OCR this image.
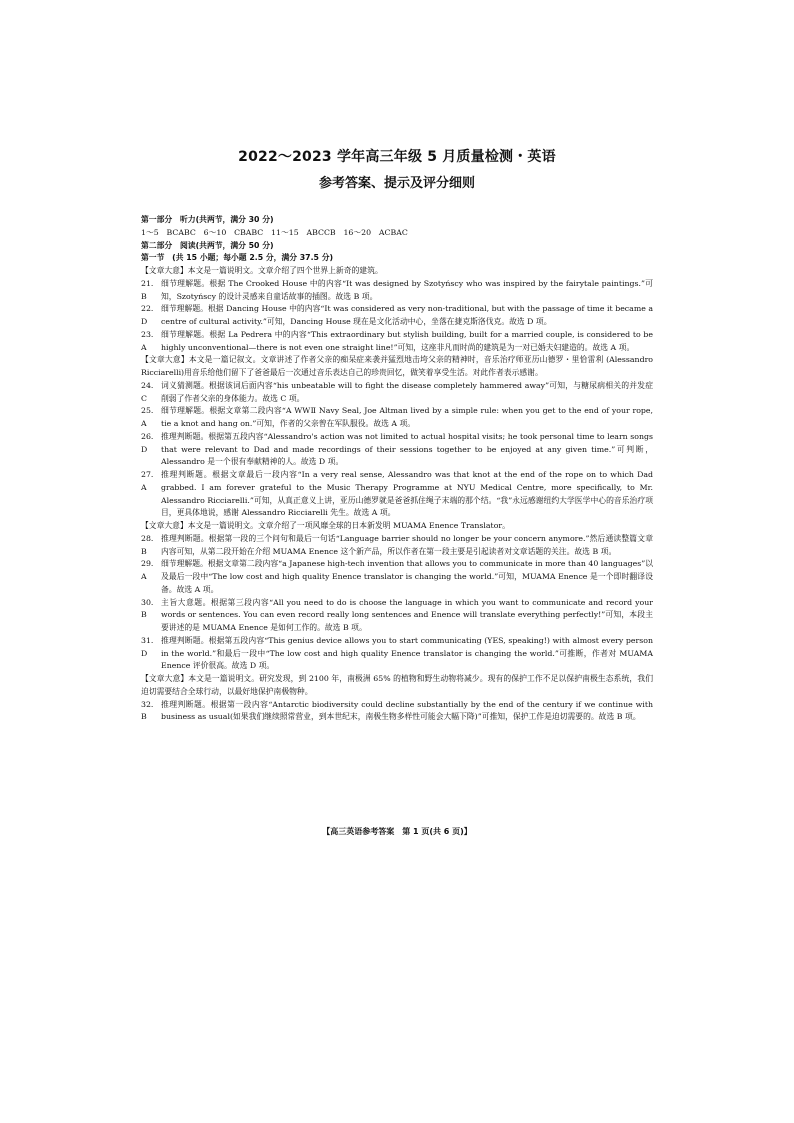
2022～2023 学年高三年级 5 月质量检测・英语
参考答案、提示及评分细则
第一部分　听力(共两节，满分 30 分)
1～5　BCABC　6～10　CBABC　11～15　ABCCB　16～20　ACBAC
第二部分　阅读(共两节，满分 50 分)
第一节　(共 15 小题；每小题 2.5 分，满分 37.5 分)
【文章大意】本文是一篇说明文。文章介绍了四个世界上新奇的建筑。
21. B
细节理解题。根据 The Crooked House 中的内容“It was designed by Szotyńscy who was inspired by the fairytale paintings.”可知，Szotyńscy 的设计灵感来自童话故事的插图。故选 B 项。
22. D
细节理解题。根据 Dancing House 中的内容“It was considered as very non-traditional, but with the passage of time it became a centre of cultural activity.”可知，Dancing House 现在是文化活动中心，坐落在捷克斯洛伐克。故选 D 项。
23. A
细节理解题。根据 La Pedrera 中的内容“This extraordinary but stylish building, built for a married couple, is considered to be highly unconventional—there is not even one straight line!”可知，这座非凡而时尚的建筑是为一对已婚夫妇建造的。故选 A 项。
【文章大意】本文是一篇记叙文。文章讲述了作者父亲的痴呆症来袭并猛烈地击垮父亲的精神时，音乐治疗师亚历山德罗・里恰雷利 (Alessandro Ricciarelli)用音乐给他们留下了爸爸最后一次通过音乐表达自己的珍贵回忆，做笑着享受生活。对此作者表示感谢。
24. C
词义猜测题。根据该词后面内容“his unbeatable will to fight the disease completely hammered away”可知，与糖尿病相关的并发症削弱了作者父亲的身体能力。故选 C 项。
25. A
细节理解题。根据文章第二段内容“A WWⅡ Navy Seal, Joe Altman lived by a simple rule: when you get to the end of your rope, tie a knot and hang on.”可知，作者的父亲曾在军队服役。故选 A 项。
26. D
推理判断题。根据第五段内容“Alessandro's action was not limited to actual hospital visits; he took personal time to learn songs that were relevant to Dad and made recordings of their sessions together to be enjoyed at any given time.”可判断，Alessandro 是一个很有奉献精神的人。故选 D 项。
27. A
推理判断题。根据文章最后一段内容“In a very real sense, Alessandro was that knot at the end of the rope on to which Dad grabbed. I am forever grateful to the Music Therapy Programme at NYU Medical Centre, more specifically, to Mr. Alessandro Ricciarelli.”可知，从真正意义上讲，亚历山德罗就是爸爸抓住绳子末端的那个结。“我”永远感谢纽约大学医学中心的音乐治疗项目，更具体地说，感谢 Alessandro Ricciarelli 先生。故选 A 项。
【文章大意】本文是一篇说明文。文章介绍了一项风靡全球的日本新发明 MUAMA Enence Translator。
28. B
推理判断题。根据第一段的三个问句和最后一句话“Language barrier should no longer be your concern anymore.”然后通读整篇文章内容可知，从第二段开始在介绍 MUAMA Enence 这个新产品，所以作者在第一段主要是引起读者对文章话题的关注。故选 B 项。
29. A
细节理解题。根据文章第二段内容“a Japanese high-tech invention that allows you to communicate in more than 40 languages”以及最后一段中“The low cost and high quality Enence translator is changing the world.”可知，MUAMA Enence 是一个即时翻译设备。故选 A 项。
30. B
主旨大意题。根据第三段内容“All you need to do is choose the language in which you want to communicate and record your words or sentences. You can even record really long sentences and Enence will translate everything perfectly!”可知，本段主要讲述的是 MUAMA Enence 是如何工作的。故选 B 项。
31. D
推理判断题。根据第五段内容“This genius device allows you to start communicating (YES, speaking!) with almost every person in the world.”和最后一段中“The low cost and high quality Enence translator is changing the world.”可推断，作者对 MUAMA Enence 评价很高。故选 D 项。
【文章大意】本文是一篇说明文。研究发现，到 2100 年，南极洲 65% 的植物和野生动物将减少。现有的保护工作不足以保护南极生态系统，我们迫切需要结合全球行动，以最好地保护南极物种。
32. B
推理判断题。根据第一段内容“Antarctic biodiversity could decline substantially by the end of the century if we continue with business as usual(如果我们继续照常营业，到本世纪末，南极生物多样性可能会大幅下降)”可推知，保护工作是迫切需要的。故选 B 项。
【高三英语参考答案　第 1 页(共 6 页)】
